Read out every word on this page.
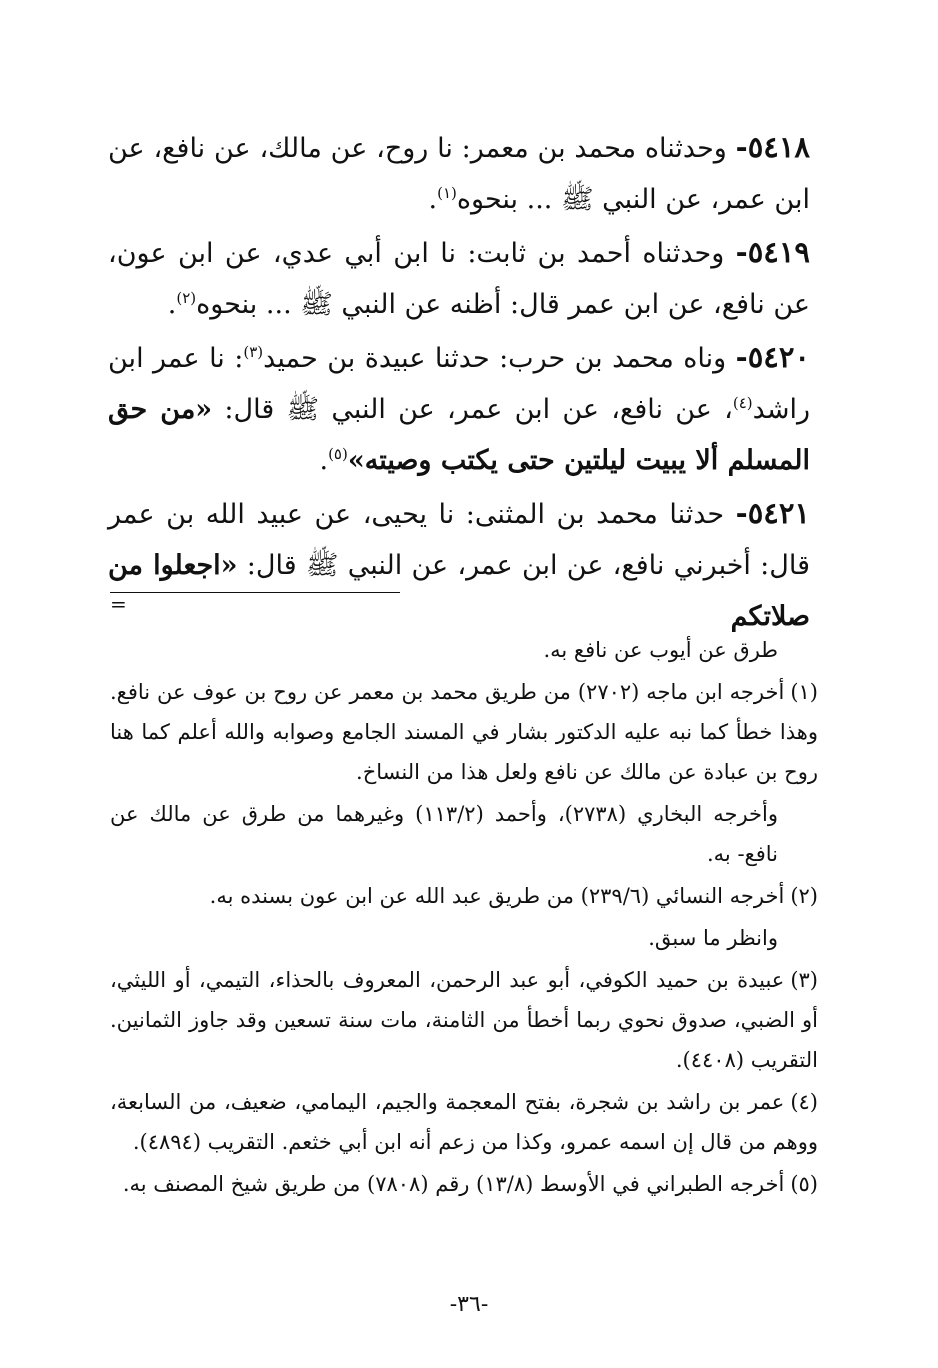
٥٤١٨- وحدثناه محمد بن معمر: نا روح، عن مالك، عن نافع، عن ابن عمر، عن النبي ﷺ ... بنحوه$^{(١)}$.

٥٤١٩- وحدثناه أحمد بن ثابت: نا ابن أبي عدي، عن ابن عون، عن نافع، عن ابن عمر قال: أظنه عن النبي ﷺ ... بنحوه$^{(٢)}$.

٥٤٢٠- وناه محمد بن حرب: حدثنا عبيدة بن حميد$^{(٣)}$: نا عمر ابن راشد$^{(٤)}$، عن نافع، عن ابن عمر، عن النبي ﷺ قال: «من حق المسلم ألا يبيت ليلتين حتى يكتب وصيته»$^{(٥)}$.

٥٤٢١- حدثنا محمد بن المثنى: نا يحيى، عن عبيد الله بن عمر قال: أخبرني نافع، عن ابن عمر، عن النبي ﷺ قال: «اجعلوا من صلاتكم

=

طرق عن أيوب عن نافع به.

(١)أخرجه ابن ماجه (٢٧٠٢) من طريق محمد بن معمر عن روح بن عوف عن نافع. وهذا خطأ كما نبه عليه الدكتور بشار في المسند الجامع وصوابه والله أعلم كما هنا روح بن عبادة عن مالك عن نافع ولعل هذا من النساخ.

وأخرجه البخاري (٢٧٣٨)، وأحمد (١١٣/٢) وغيرهما من طرق عن مالك عن نافع- به.

(٢)أخرجه النسائي (٢٣٩/٦) من طريق عبد الله عن ابن عون بسنده به.

وانظر ما سبق.

(٣)عبيدة بن حميد الكوفي، أبو عبد الرحمن، المعروف بالحذاء، التيمي، أو الليثي، أو الضبي، صدوق نحوي ربما أخطأ من الثامنة، مات سنة تسعين وقد جاوز الثمانين. التقريب (٤٤٠٨).

(٤)عمر بن راشد بن شجرة، بفتح المعجمة والجيم، اليمامي، ضعيف، من السابعة، ووهم من قال إن اسمه عمرو، وكذا من زعم أنه ابن أبي خثعم. التقريب (٤٨٩٤).

(٥)أخرجه الطبراني في الأوسط (١٣/٨) رقم (٧٨٠٨) من طريق شيخ المصنف به.

-٣٦-
